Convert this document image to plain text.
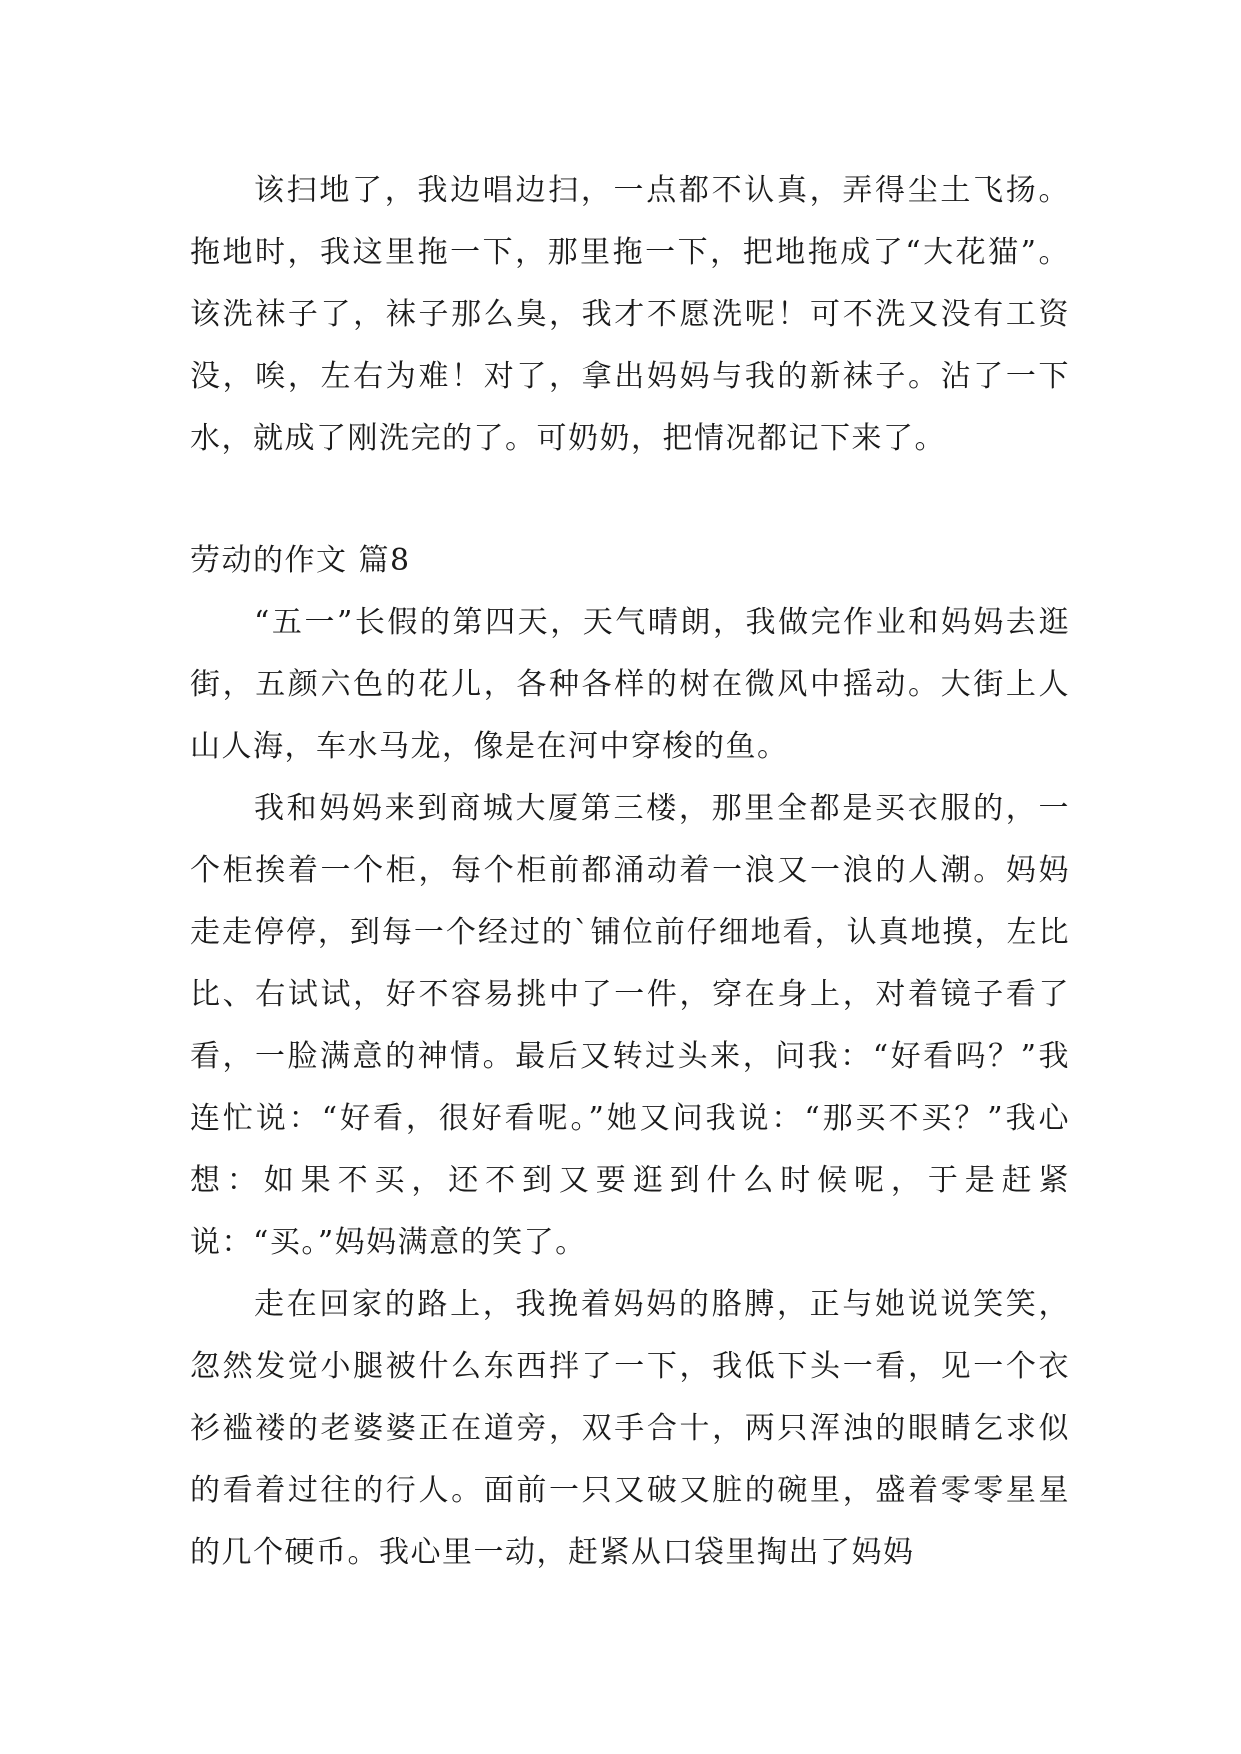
该扫地了，我边唱边扫，一点都不认真，弄得尘土飞扬。拖地时，我这里拖一下，那里拖一下，把地拖成了“大花猫”。该洗袜子了，袜子那么臭，我才不愿洗呢！可不洗又没有工资没，唉，左右为难！对了，拿出妈妈与我的新袜子。沾了一下水，就成了刚洗完的了。可奶奶，把情况都记下来了。

劳动的作文 篇8

“五一”长假的第四天，天气晴朗，我做完作业和妈妈去逛街，五颜六色的花儿，各种各样的树在微风中摇动。大街上人山人海，车水马龙，像是在河中穿梭的鱼。

我和妈妈来到商城大厦第三楼，那里全都是买衣服的，一个柜挨着一个柜，每个柜前都涌动着一浪又一浪的人潮。妈妈走走停停，到每一个经过的`铺位前仔细地看，认真地摸，左比比、右试试，好不容易挑中了一件，穿在身上，对着镜子看了看，一脸满意的神情。最后又转过头来，问我：“好看吗？”我连忙说：“好看，很好看呢。”她又问我说：“那买不买？”我心想：如果不买，还不到又要逛到什么时候呢，于是赶紧说：“买。”妈妈满意的笑了。

走在回家的路上，我挽着妈妈的胳膊，正与她说说笑笑，忽然发觉小腿被什么东西拌了一下，我低下头一看，见一个衣衫褴褛的老婆婆正在道旁，双手合十，两只浑浊的眼睛乞求似的看着过往的行人。面前一只又破又脏的碗里，盛着零零星星的几个硬币。我心里一动，赶紧从口袋里掏出了妈妈
